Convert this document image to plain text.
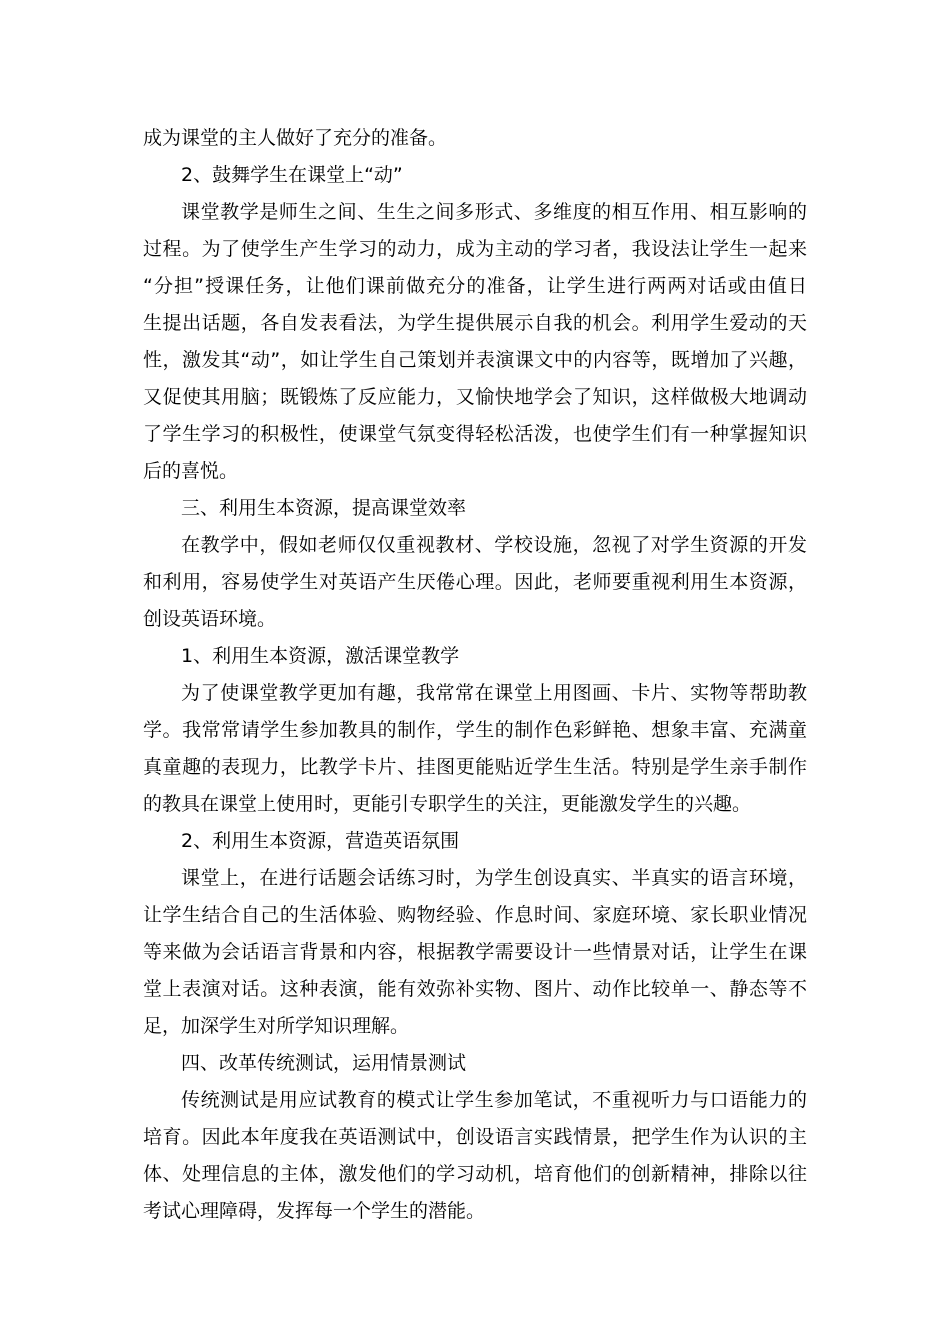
成为课堂的主人做好了充分的准备。
2、鼓舞学生在课堂上“动”
课堂教学是师生之间、生生之间多形式、多维度的相互作用、相互影响的
过程。为了使学生产生学习的动力，成为主动的学习者，我设法让学生一起来
“分担”授课任务，让他们课前做充分的准备，让学生进行两两对话或由值日
生提出话题，各自发表看法，为学生提供展示自我的机会。利用学生爱动的天
性，激发其“动”，如让学生自己策划并表演课文中的内容等，既增加了兴趣，
又促使其用脑；既锻炼了反应能力，又愉快地学会了知识，这样做极大地调动
了学生学习的积极性，使课堂气氛变得轻松活泼，也使学生们有一种掌握知识
后的喜悦。
三、利用生本资源，提高课堂效率
在教学中，假如老师仅仅重视教材、学校设施，忽视了对学生资源的开发
和利用，容易使学生对英语产生厌倦心理。因此，老师要重视利用生本资源，
创设英语环境。
1、利用生本资源，激活课堂教学
为了使课堂教学更加有趣，我常常在课堂上用图画、卡片、实物等帮助教
学。我常常请学生参加教具的制作，学生的制作色彩鲜艳、想象丰富、充满童
真童趣的表现力，比教学卡片、挂图更能贴近学生生活。特别是学生亲手制作
的教具在课堂上使用时，更能引专职学生的关注，更能激发学生的兴趣。
2、利用生本资源，营造英语氛围
课堂上，在进行话题会话练习时，为学生创设真实、半真实的语言环境，
让学生结合自己的生活体验、购物经验、作息时间、家庭环境、家长职业情况
等来做为会话语言背景和内容，根据教学需要设计一些情景对话，让学生在课
堂上表演对话。这种表演，能有效弥补实物、图片、动作比较单一、静态等不
足，加深学生对所学知识理解。
四、改革传统测试，运用情景测试
传统测试是用应试教育的模式让学生参加笔试，不重视听力与口语能力的
培育。因此本年度我在英语测试中，创设语言实践情景，把学生作为认识的主
体、处理信息的主体，激发他们的学习动机，培育他们的创新精神，排除以往
考试心理障碍，发挥每一个学生的潜能。
